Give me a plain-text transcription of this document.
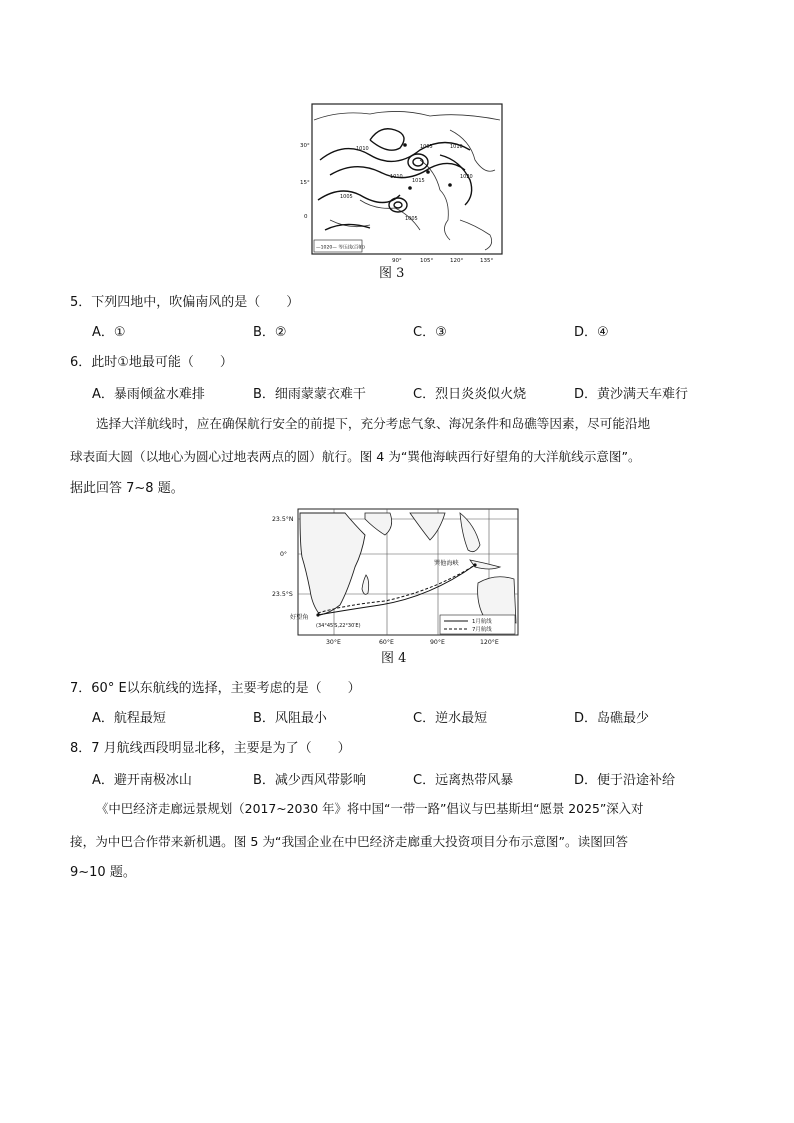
1010	1005
1010
1005
1010
1020
1015
1005
30°
15°
0
90°	105°	120°	135°
—1020— 等压线(百帕)
图 3
5．下列四地中，吹偏南风的是（　　）
A．①	B．②	C．③	D．④
6．此时①地最可能（　　）
A．暴雨倾盆水难排	B．细雨蒙蒙衣难干	C．烈日炎炎似火烧	D．黄沙满天车难行
选择大洋航线时，应在确保航行安全的前提下，充分考虑气象、海况条件和岛礁等因素，尽可能沿地
球表面大圆（以地心为圆心过地表两点的圆）航行。图 4 为“巽他海峡西行好望角的大洋航线示意图”。
据此回答 7~8 题。
23.5°N
0°
23.5°S
30°E	60°E	90°E	120°E
好望角
巽他海峡
(34°45′S,22°30′E)
1月航线
7月航线
图 4
7．60° E以东航线的选择，主要考虑的是（　　）
A．航程最短	B．风阻最小	C．逆水最短	D．岛礁最少
8．7 月航线西段明显北移，主要是为了（　　）
A．避开南极冰山	B．减少西风带影响	C．远离热带风暴	D．便于沿途补给
《中巴经济走廊远景规划（2017~2030 年》将中国“一带一路”倡议与巴基斯坦“愿景 2025”深入对
接，为中巴合作带来新机遇。图 5 为“我国企业在中巴经济走廊重大投资项目分布示意图”。读图回答
9~10 题。
